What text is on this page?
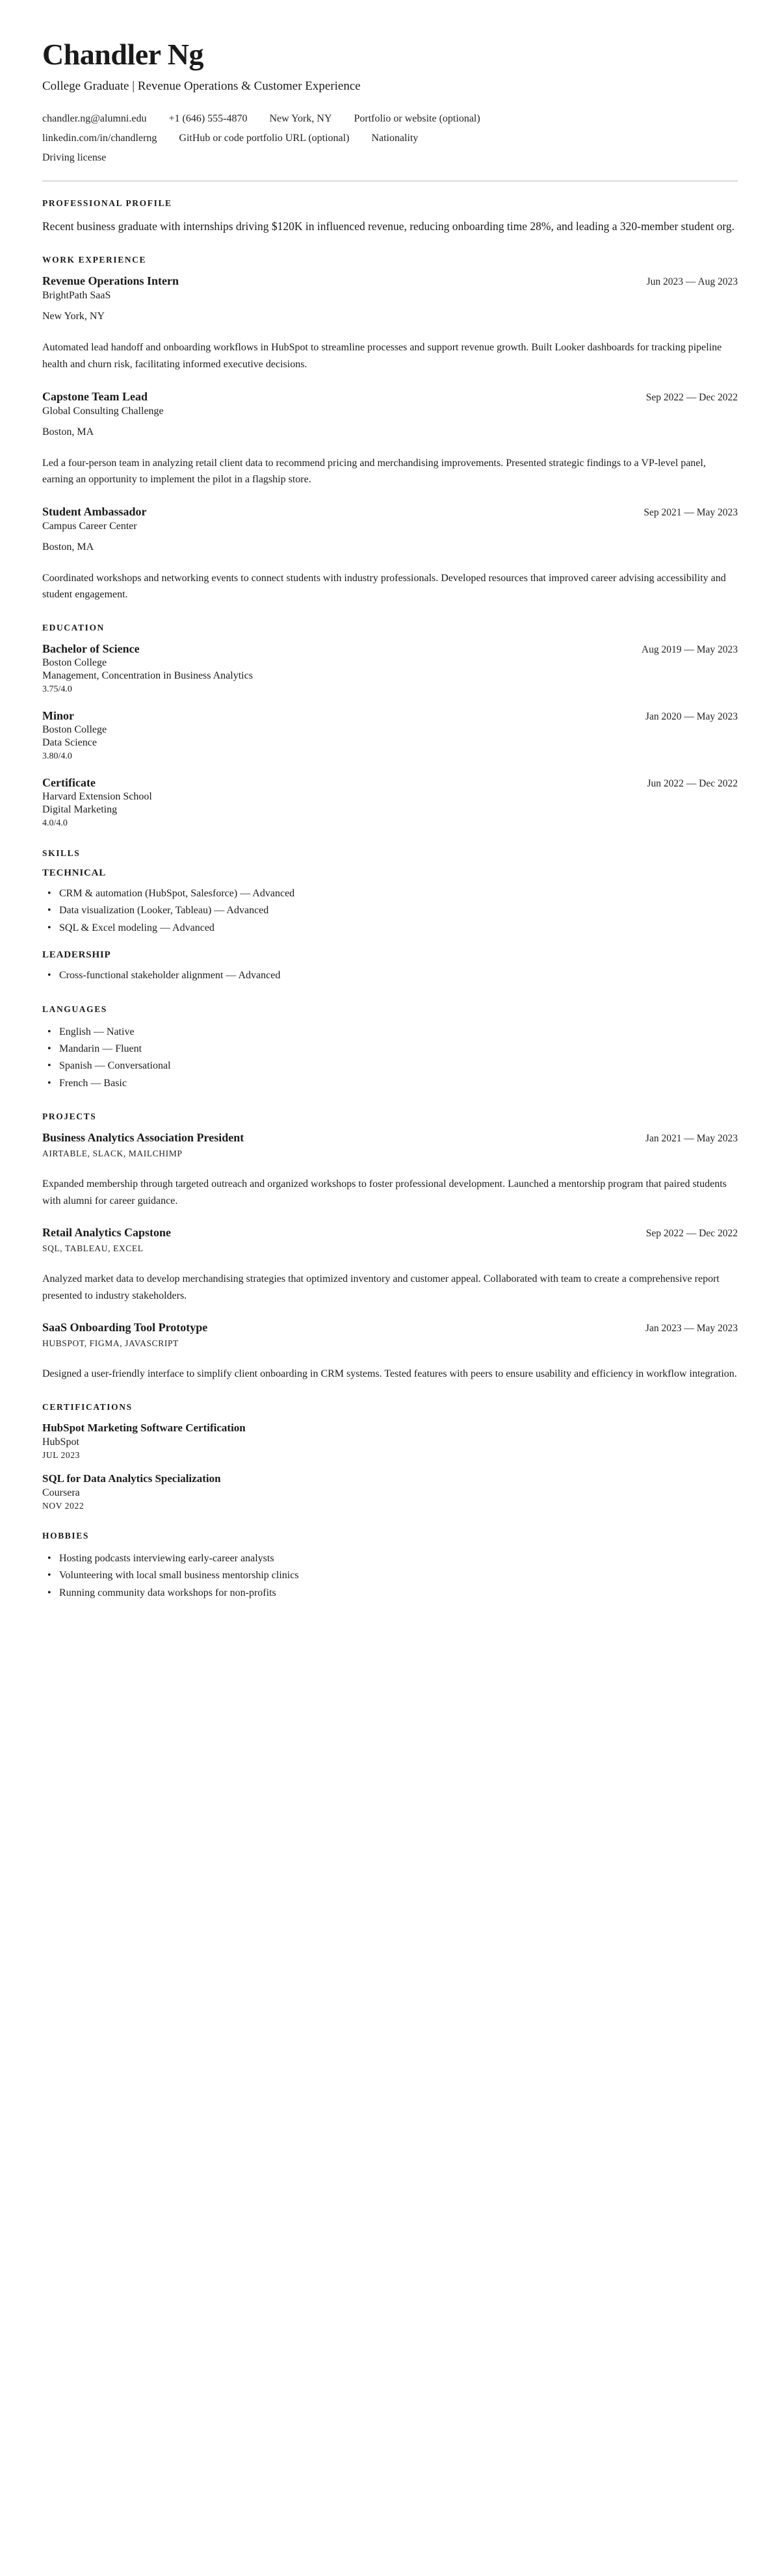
Chandler Ng
College Graduate | Revenue Operations & Customer Experience
chandler.ng@alumni.edu +1 (646) 555-4870 New York, NY Portfolio or website (optional)
linkedin.com/in/chandlerng GitHub or code portfolio URL (optional) Nationality
Driving license
PROFESSIONAL PROFILE

Recent business graduate with internships driving $120K in influenced revenue, reducing onboarding time 28%, and leading a 320-member student org.

WORK EXPERIENCE
Revenue Operations Intern	Jun 2023 — Aug 2023
BrightPath SaaS
New York, NY
Automated lead handoff and onboarding workflows in HubSpot to streamline processes and support revenue growth. Built Looker dashboards for tracking pipeline health and churn risk, facilitating informed executive decisions.
Capstone Team Lead	Sep 2022 — Dec 2022
Global Consulting Challenge
Boston, MA
Led a four-person team in analyzing retail client data to recommend pricing and merchandising improvements. Presented strategic findings to a VP-level panel, earning an opportunity to implement the pilot in a flagship store.
Student Ambassador	Sep 2021 — May 2023
Campus Career Center
Boston, MA
Coordinated workshops and networking events to connect students with industry professionals. Developed resources that improved career advising accessibility and student engagement.
EDUCATION
Bachelor of Science	Aug 2019 — May 2023
Boston College
Management, Concentration in Business Analytics
3.75/4.0
Minor	Jan 2020 — May 2023
Boston College
Data Science
3.80/4.0
Certificate	Jun 2022 — Dec 2022
Harvard Extension School
Digital Marketing
4.0/4.0
SKILLS
TECHNICAL
• CRM & automation (HubSpot, Salesforce) — Advanced
• Data visualization (Looker, Tableau) — Advanced
• SQL & Excel modeling — Advanced
LEADERSHIP
• Cross-functional stakeholder alignment — Advanced
LANGUAGES
• English — Native
• Mandarin — Fluent
• Spanish — Conversational
• French — Basic
PROJECTS
Business Analytics Association President	Jan 2021 — May 2023
AIRTABLE, SLACK, MAILCHIMP
Expanded membership through targeted outreach and organized workshops to foster professional development. Launched a mentorship program that paired students with alumni for career guidance.
Retail Analytics Capstone	Sep 2022 — Dec 2022
SQL, TABLEAU, EXCEL
Analyzed market data to develop merchandising strategies that optimized inventory and customer appeal. Collaborated with team to create a comprehensive report presented to industry stakeholders.
SaaS Onboarding Tool Prototype	Jan 2023 — May 2023
HUBSPOT, FIGMA, JAVASCRIPT
Designed a user-friendly interface to simplify client onboarding in CRM systems. Tested features with peers to ensure usability and efficiency in workflow integration.
CERTIFICATIONS
HubSpot Marketing Software Certification
HubSpot
JUL 2023
SQL for Data Analytics Specialization
Coursera
NOV 2022
HOBBIES
• Hosting podcasts interviewing early-career analysts
• Volunteering with local small business mentorship clinics
• Running community data workshops for non-profits
